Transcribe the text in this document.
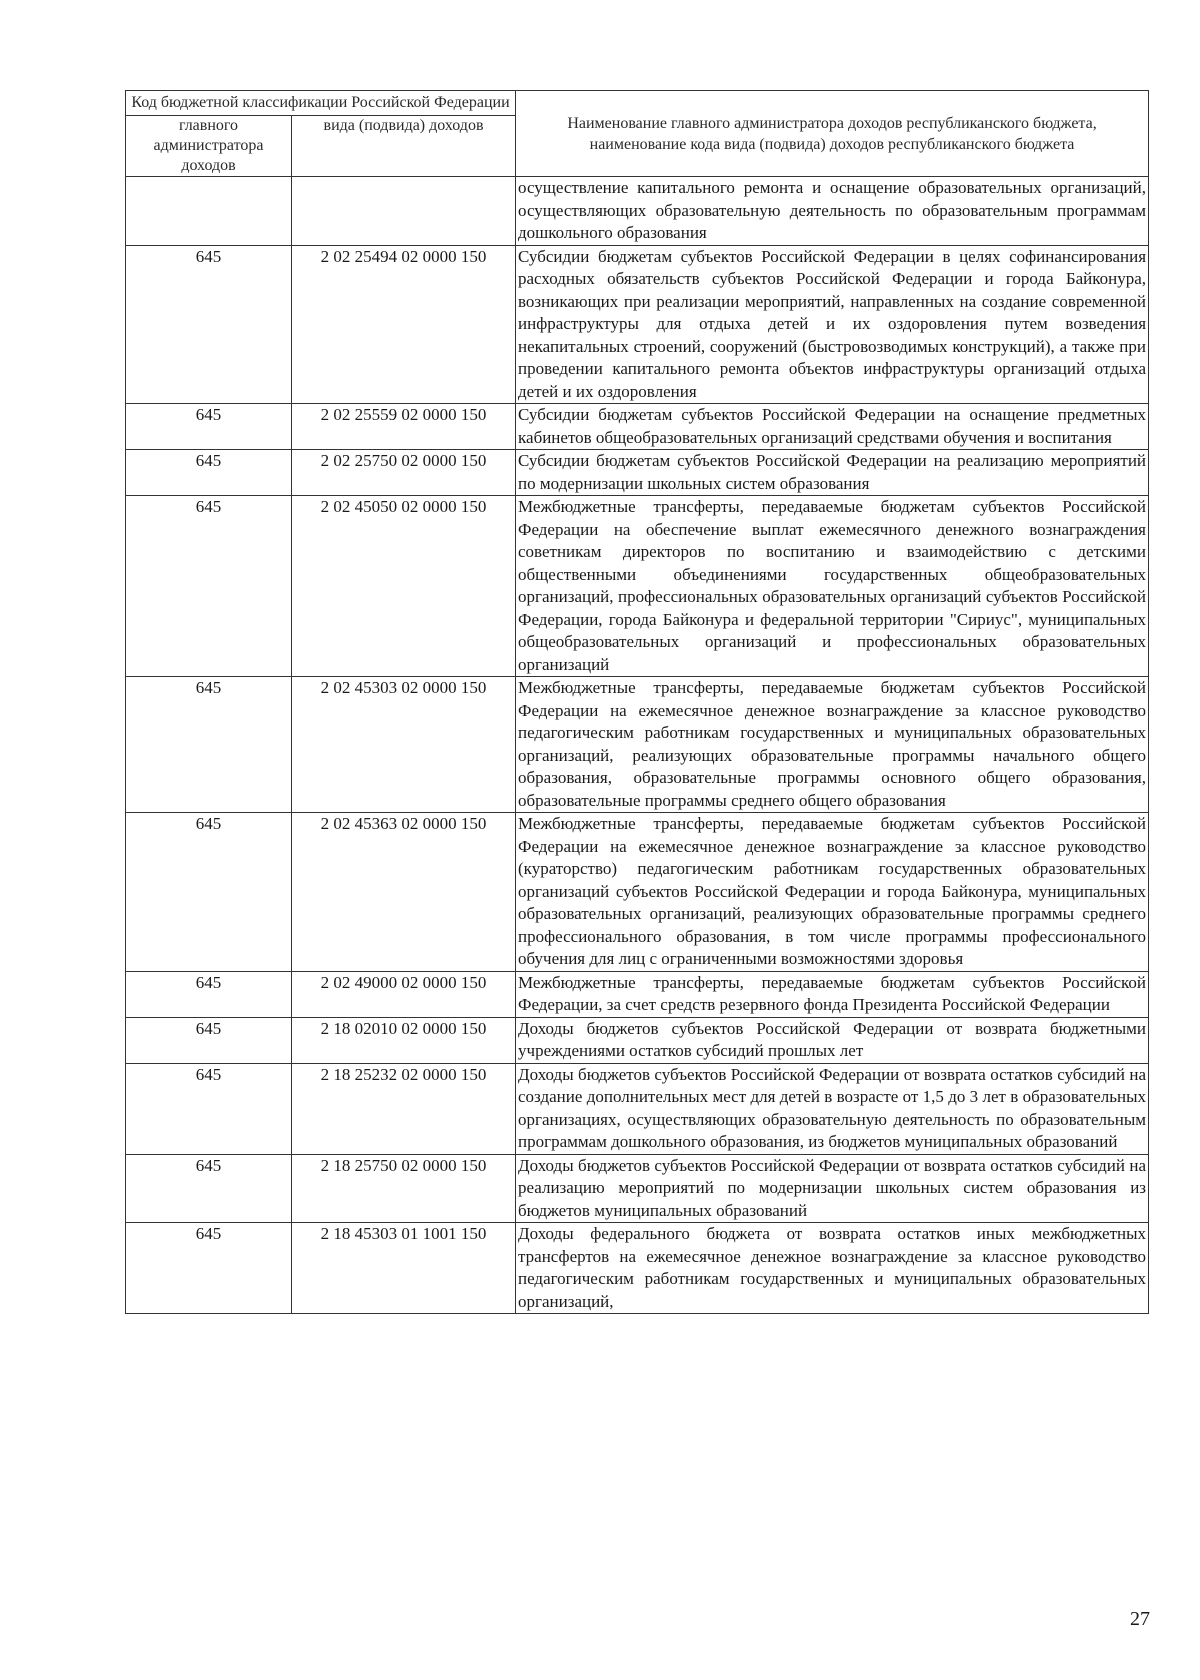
Код бюджетной классификации Российской Федерации		Наименование главного администратора доходов республиканского бюджета, наименование кода вида (подвида) доходов республиканского бюджета
главного администратора доходов	вида (подвида) доходов	
		осуществление капитального ремонта и оснащение образовательных организаций, осуществляющих образовательную деятельность по образовательным программам дошкольного образования
645	2 02 25494 02 0000 150	Субсидии бюджетам субъектов Российской Федерации в целях софинансирования расходных обязательств субъектов Российской Федерации и города Байконура, возникающих при реализации мероприятий, направленных на создание современной инфраструктуры для отдыха детей и их оздоровления путем возведения некапитальных строений, сооружений (быстровозводимых конструкций), а также при проведении капитального ремонта объектов инфраструктуры организаций отдыха детей и их оздоровления
645	2 02 25559 02 0000 150	Субсидии бюджетам субъектов Российской Федерации на оснащение предметных кабинетов общеобразовательных организаций средствами обучения и воспитания
645	2 02 25750 02 0000 150	Субсидии бюджетам субъектов Российской Федерации на реализацию мероприятий по модернизации школьных систем образования
645	2 02 45050 02 0000 150	Межбюджетные трансферты, передаваемые бюджетам субъектов Российской Федерации на обеспечение выплат ежемесячного денежного вознаграждения советникам директоров по воспитанию и взаимодействию с детскими общественными объединениями государственных общеобразовательных организаций, профессиональных образовательных организаций субъектов Российской Федерации, города Байконура и федеральной территории "Сириус", муниципальных общеобразовательных организаций и профессиональных образовательных организаций
645	2 02 45303 02 0000 150	Межбюджетные трансферты, передаваемые бюджетам субъектов Российской Федерации на ежемесячное денежное вознаграждение за классное руководство педагогическим работникам государственных и муниципальных образовательных организаций, реализующих образовательные программы начального общего образования, образовательные программы основного общего образования, образовательные программы среднего общего образования
645	2 02 45363 02 0000 150	Межбюджетные трансферты, передаваемые бюджетам субъектов Российской Федерации на ежемесячное денежное вознаграждение за классное руководство (кураторство) педагогическим работникам государственных образовательных организаций субъектов Российской Федерации и города Байконура, муниципальных образовательных организаций, реализующих образовательные программы среднего профессионального образования, в том числе программы профессионального обучения для лиц с ограниченными возможностями здоровья
645	2 02 49000 02 0000 150	Межбюджетные трансферты, передаваемые бюджетам субъектов Российской Федерации, за счет средств резервного фонда Президента Российской Федерации
645	2 18 02010 02 0000 150	Доходы бюджетов субъектов Российской Федерации от возврата бюджетными учреждениями остатков субсидий прошлых лет
645	2 18 25232 02 0000 150	Доходы бюджетов субъектов Российской Федерации от возврата остатков субсидий на создание дополнительных мест для детей в возрасте от 1,5 до 3 лет в образовательных организациях, осуществляющих образовательную деятельность по образовательным программам дошкольного образования, из бюджетов муниципальных образований
645	2 18 25750 02 0000 150	Доходы бюджетов субъектов Российской Федерации от возврата остатков субсидий на реализацию мероприятий по модернизации школьных систем образования из бюджетов муниципальных образований
645	2 18 45303 01 1001 150	Доходы федерального бюджета от возврата остатков иных межбюджетных трансфертов на ежемесячное денежное вознаграждение за классное руководство педагогическим работникам государственных и муниципальных образовательных организаций,
27
